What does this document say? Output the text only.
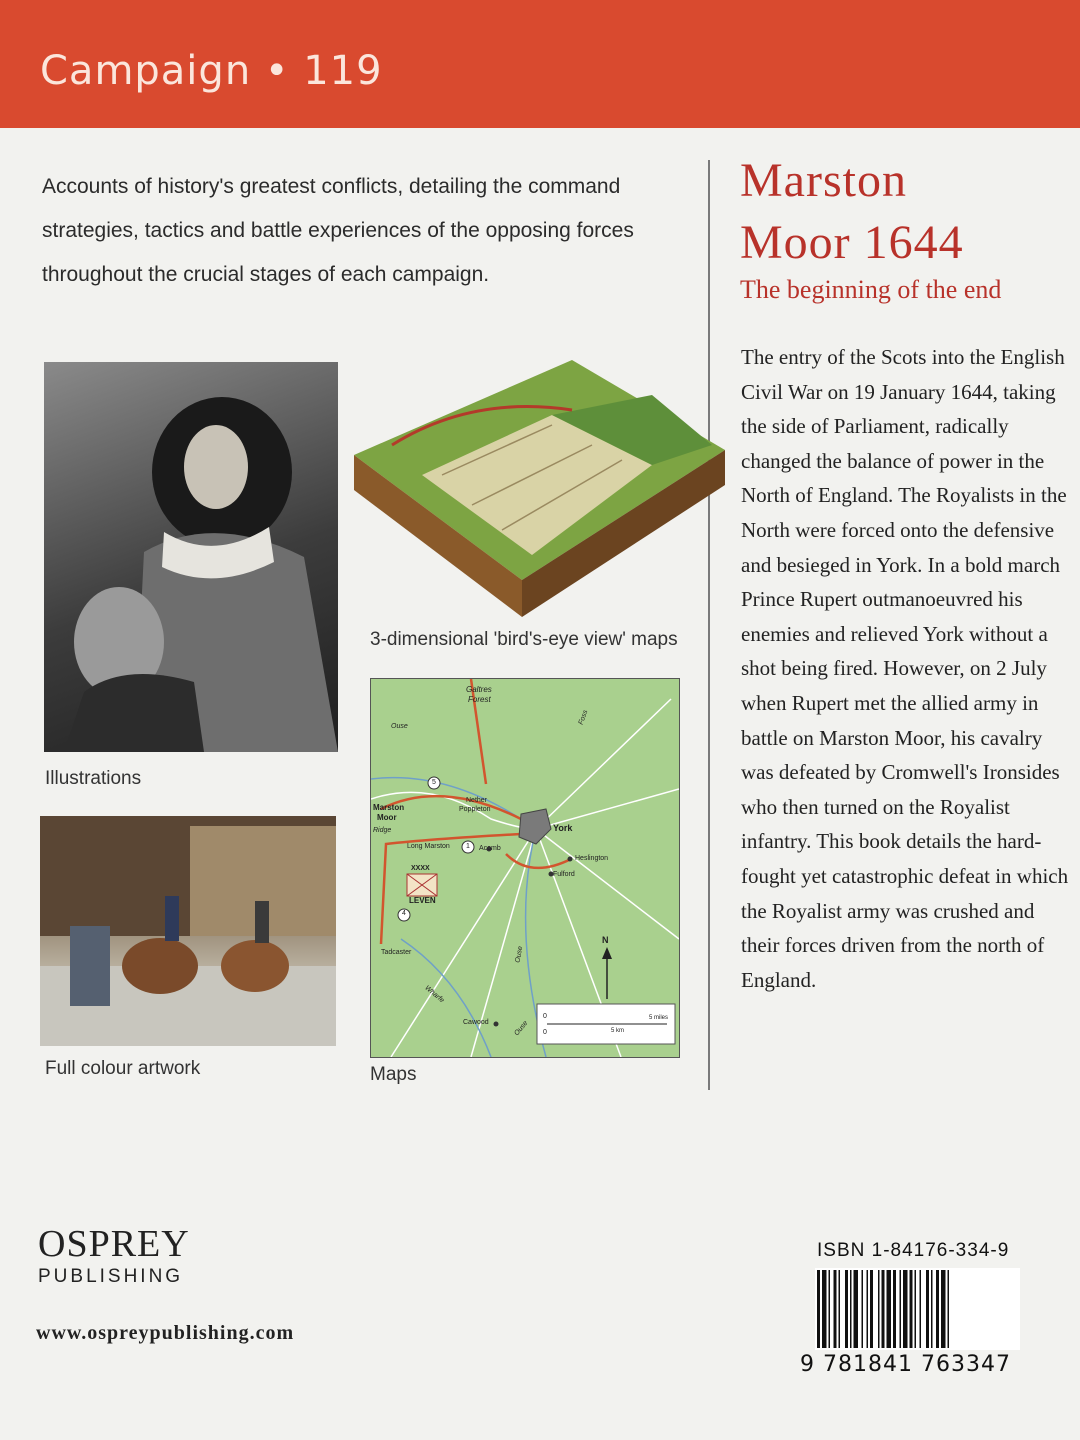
Campaign • 119
Accounts of history's greatest conflicts, detailing the command strategies, tactics and battle experiences of the opposing forces throughout the crucial stages of each campaign.
Marston
Moor 1644
The beginning of the end
The entry of the Scots into the English Civil War on 19 January 1644, taking the side of Parliament, radically changed the balance of power in the North of England. The Royalists in the North were forced onto the defensive and besieged in York. In a bold march Prince Rupert outmanoeuvred his enemies and relieved York without a shot being fired. However, on 2 July when Rupert met the allied army in battle on Marston Moor, his cavalry was defeated by Cromwell's Ironsides who then turned on the Royalist infantry. This book details the hard-fought yet catastrophic defeat in which the Royalist army was crushed and their forces driven from the north of England.
Illustrations
3-dimensional 'bird's-eye view' maps
Full colour artwork
Galtres
Forest
Ouse
Foss
Marston
Moor
Ridge
Nether
Poppleton
York
Long Marston	Acomb
Heslington
Fulford
XXXX
LEVEN
Tadcaster	Ouse
Wharfe
Cawood	Ouse
N
0
0
5 miles
5 km
1
4
5
Maps
OSPREY
PUBLISHING
www.ospreypublishing.com
ISBN 1-84176-334-9
9 781841 763347
